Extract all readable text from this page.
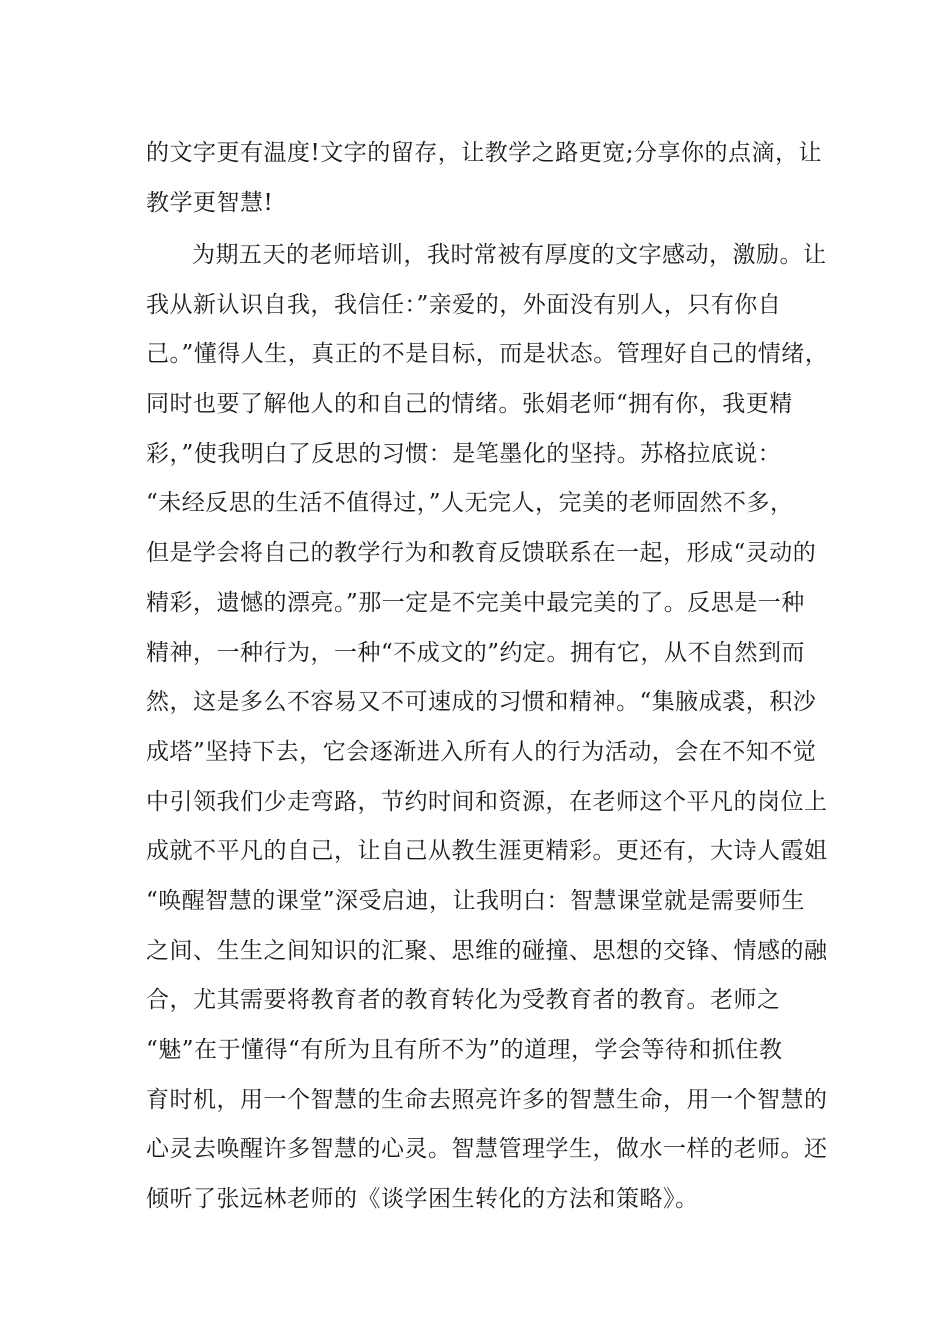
的文字更有温度!文字的留存，让教学之路更宽;分享你的点滴，让
教学更智慧!
为期五天的老师培训，我时常被有厚度的文字感动，激励。让
我从新认识自我，我信任：”亲爱的，外面没有别人，只有你自
己。”懂得人生，真正的不是目标，而是状态。管理好自己的情绪，
同时也要了解他人的和自己的情绪。张娟老师“拥有你，我更精
彩，”使我明白了反思的习惯：是笔墨化的坚持。苏格拉底说：
“未经反思的生活不值得过，”人无完人，完美的老师固然不多，
但是学会将自己的教学行为和教育反馈联系在一起，形成“灵动的
精彩，遗憾的漂亮。”那一定是不完美中最完美的了。反思是一种
精神，一种行为，一种“不成文的”约定。拥有它，从不自然到而
然，这是多么不容易又不可速成的习惯和精神。“集腋成裘，积沙
成塔”坚持下去，它会逐渐进入所有人的行为活动，会在不知不觉
中引领我们少走弯路，节约时间和资源，在老师这个平凡的岗位上
成就不平凡的自己，让自己从教生涯更精彩。更还有，大诗人霞姐
“唤醒智慧的课堂”深受启迪，让我明白：智慧课堂就是需要师生
之间、生生之间知识的汇聚、思维的碰撞、思想的交锋、情感的融
合，尤其需要将教育者的教育转化为受教育者的教育。老师之
“魅”在于懂得“有所为且有所不为”的道理，学会等待和抓住教
育时机，用一个智慧的生命去照亮许多的智慧生命，用一个智慧的
心灵去唤醒许多智慧的心灵。智慧管理学生，做水一样的老师。还
倾听了张远林老师的《谈学困生转化的方法和策略》。
